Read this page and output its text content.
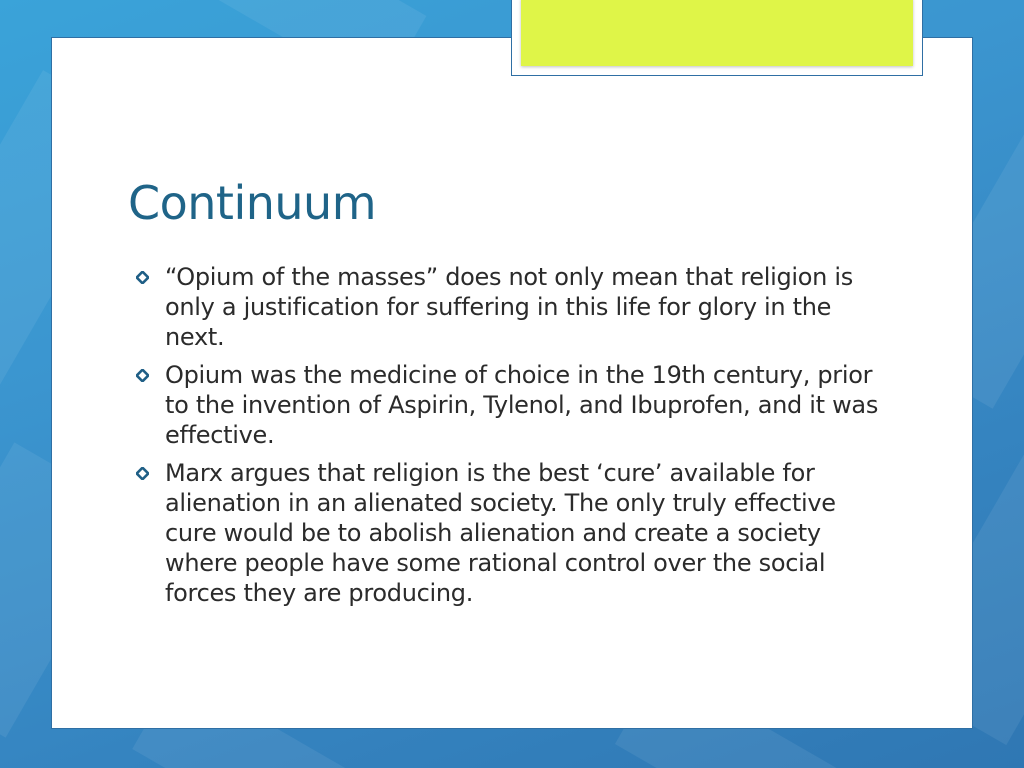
Continuum
“Opium of the masses” does not only mean that religion is only a justification for suffering in this life for glory in the next.
Opium was the medicine of choice in the 19th century, prior to the invention of Aspirin, Tylenol, and Ibuprofen, and it was effective.
Marx argues that religion is the best ‘cure’ available for alienation in an alienated society. The only truly effective cure would be to abolish alienation and create a society where people have some rational control over the social forces they are producing.
